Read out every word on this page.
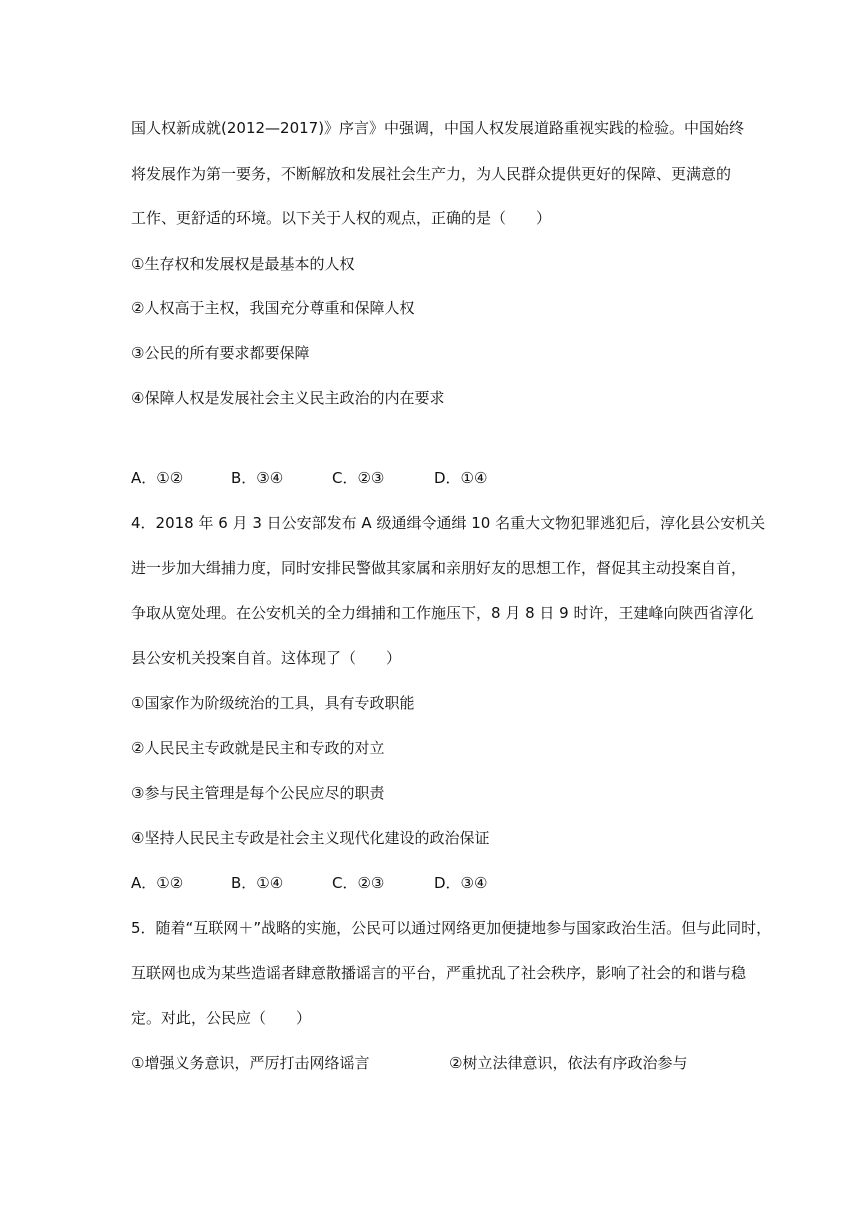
国人权新成就(2012—2017)》序言》中强调，中国人权发展道路重视实践的检验。中国始终
将发展作为第一要务，不断解放和发展社会生产力，为人民群众提供更好的保障、更满意的
工作、更舒适的环境。以下关于人权的观点，正确的是（　　）
①生存权和发展权是最基本的人权
②人权高于主权，我国充分尊重和保障人权
③公民的所有要求都要保障
④保障人权是发展社会主义民主政治的内在要求
A．①②	B．③④	C．②③	D．①④
4．2018 年 6 月 3 日公安部发布 A 级通缉令通缉 10 名重大文物犯罪逃犯后，淳化县公安机关
进一步加大缉捕力度，同时安排民警做其家属和亲朋好友的思想工作，督促其主动投案自首，
争取从宽处理。在公安机关的全力缉捕和工作施压下，8 月 8 日 9 时许，王建峰向陕西省淳化
县公安机关投案自首。这体现了（　　）
①国家作为阶级统治的工具，具有专政职能
②人民民主专政就是民主和专政的对立
③参与民主管理是每个公民应尽的职责
④坚持人民民主专政是社会主义现代化建设的政治保证
A．①②	B．①④	C．②③	D．③④
5．随着“互联网＋”战略的实施，公民可以通过网络更加便捷地参与国家政治生活。但与此同时，
互联网也成为某些造谣者肆意散播谣言的平台，严重扰乱了社会秩序，影响了社会的和谐与稳
定。对此，公民应（　　）
①增强义务意识，严厉打击网络谣言	②树立法律意识，依法有序政治参与
